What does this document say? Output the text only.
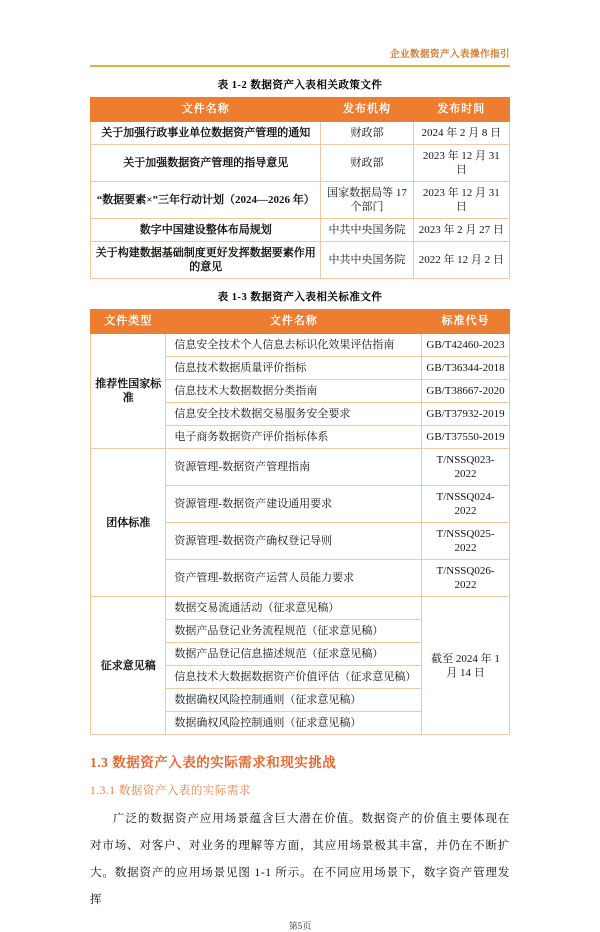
企业数据资产入表操作指引
表 1-2 数据资产入表相关政策文件
文件名称	发布机构	发布时间
关于加强行政事业单位数据资产管理的通知	财政部	2024 年 2 月 8 日
关于加强数据资产管理的指导意见	财政部	2023 年 12 月 31 日
“数据要素×”三年行动计划（2024—2026 年）	国家数据局等 17 个部门	2023 年 12 月 31 日
数字中国建设整体布局规划	中共中央国务院	2023 年 2 月 27 日
关于构建数据基础制度更好发挥数据要素作用的意见	中共中央国务院	2022 年 12 月 2 日
表 1-3 数据资产入表相关标准文件
文件类型	文件名称	标准代号
推荐性国家标准	信息安全技术个人信息去标识化效果评估指南	GB/T42460-2023
	信息技术数据质量评价指标	GB/T36344-2018
	信息技术大数据数据分类指南	GB/T38667-2020
	信息安全技术数据交易服务安全要求	GB/T37932-2019
	电子商务数据资产评价指标体系	GB/T37550-2019
团体标准	资源管理-数据资产管理指南	T/NSSQ023-2022
	资源管理-数据资产建设通用要求	T/NSSQ024-2022
	资源管理-数据资产确权登记导则	T/NSSQ025-2022
	资产管理-数据资产运营人员能力要求	T/NSSQ026-2022
征求意见稿	数据交易流通活动（征求意见稿）	截至 2024 年 1 月 14 日
	数据产品登记业务流程规范（征求意见稿）	
	数据产品登记信息描述规范（征求意见稿）	
	信息技术大数据数据资产价值评估（征求意见稿）	
	数据确权风险控制通则（征求意见稿）	
	数据确权风险控制通则（征求意见稿）	
1.3 数据资产入表的实际需求和现实挑战
1.3.1 数据资产入表的实际需求

广泛的数据资产应用场景蕴含巨大潜在价值。数据资产的价值主要体现在对市场、对客户、对业务的理解等方面，其应用场景极其丰富，并仍在不断扩大。数据资产的应用场景见图 1-1 所示。在不同应用场景下，数字资产管理发挥

第5页
